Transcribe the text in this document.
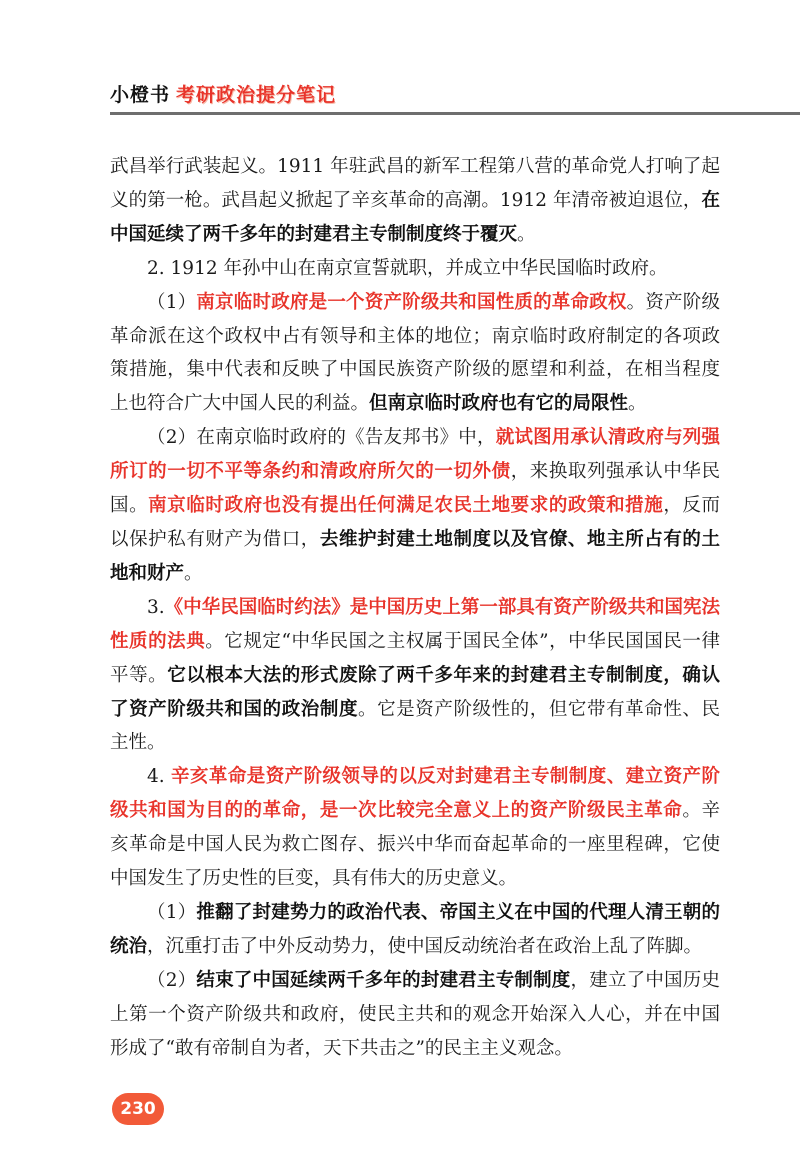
小橙书 考研政治提分笔记

武昌举行武装起义。1911 年驻武昌的新军工程第八营的革命党人打响了起义的第一枪。武昌起义掀起了辛亥革命的高潮。1912 年清帝被迫退位，在中国延续了两千多年的封建君主专制制度终于覆灭。

2. 1912 年孙中山在南京宣誓就职，并成立中华民国临时政府。

（1）南京临时政府是一个资产阶级共和国性质的革命政权。资产阶级革命派在这个政权中占有领导和主体的地位；南京临时政府制定的各项政策措施，集中代表和反映了中国民族资产阶级的愿望和利益，在相当程度上也符合广大中国人民的利益。但南京临时政府也有它的局限性。

（2）在南京临时政府的《告友邦书》中，就试图用承认清政府与列强所订的一切不平等条约和清政府所欠的一切外债，来换取列强承认中华民国。南京临时政府也没有提出任何满足农民土地要求的政策和措施，反而以保护私有财产为借口，去维护封建土地制度以及官僚、地主所占有的土地和财产。

3.《中华民国临时约法》是中国历史上第一部具有资产阶级共和国宪法性质的法典。它规定“中华民国之主权属于国民全体”，中华民国国民一律平等。它以根本大法的形式废除了两千多年来的封建君主专制制度，确认了资产阶级共和国的政治制度。它是资产阶级性的，但它带有革命性、民主性。

4. 辛亥革命是资产阶级领导的以反对封建君主专制制度、建立资产阶级共和国为目的的革命，是一次比较完全意义上的资产阶级民主革命。辛亥革命是中国人民为救亡图存、振兴中华而奋起革命的一座里程碑，它使中国发生了历史性的巨变，具有伟大的历史意义。

（1）推翻了封建势力的政治代表、帝国主义在中国的代理人清王朝的统治，沉重打击了中外反动势力，使中国反动统治者在政治上乱了阵脚。

（2）结束了中国延续两千多年的封建君主专制制度，建立了中国历史上第一个资产阶级共和政府，使民主共和的观念开始深入人心，并在中国形成了“敢有帝制自为者，天下共击之”的民主主义观念。

230
